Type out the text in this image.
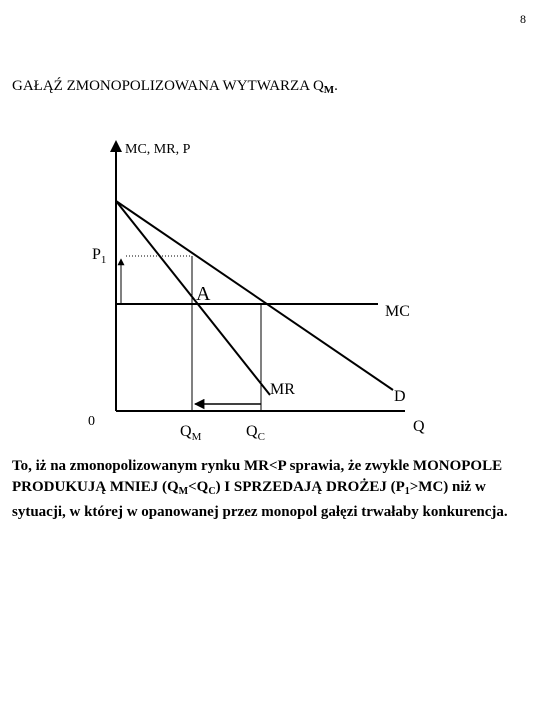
8
GAŁĄŹ ZMONOPOLIZOWANA WYTWARZA $Q_M$.
MC, MR, P
$P_1$
A
MC
MR	D
0	Q
$Q_M$	$Q_C$
To, iż na zmonopolizowanym rynku MR<P sprawia, że zwykle MONOPOLE PRODUKUJĄ MNIEJ $(Q_M<Q_C)$ I SPRZEDAJĄ DROŻEJ $(P_1>MC)$ niż w sytuacji, w której w opanowanej przez monopol gałęzi trwałaby konkurencja.
